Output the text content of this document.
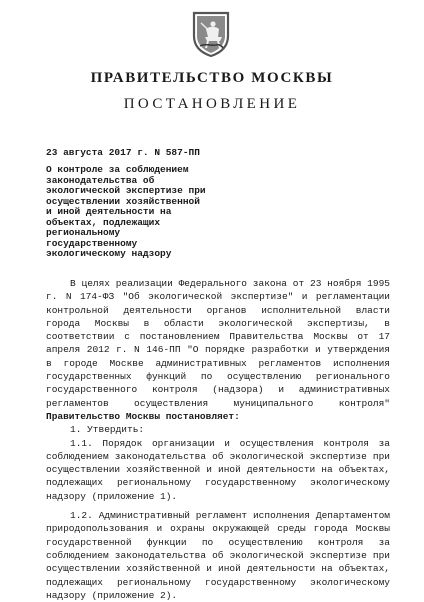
ПРАВИТЕЛЬСТВО МОСКВЫ
ПОСТАНОВЛЕНИЕ

23 августа 2017 г. N 587-ПП

О контроле за соблюдением законодательства об экологической экспертизе при осуществлении хозяйственной и иной деятельности на объектах, подлежащих региональному государственному экологическому надзору

В целях реализации Федерального закона от 23 ноября 1995 г. N 174-ФЗ "Об экологической экспертизе" и регламентации контрольной деятельности органов исполнительной власти города Москвы в области экологической экспертизы, в соответствии с постановлением Правительства Москвы от 17 апреля 2012 г. N 146-ПП "О порядке разработки и утверждения в городе Москве административных регламентов исполнения государственных функций по осуществлению регионального государственного контроля (надзора) и административных регламентов осуществления муниципального контроля" Правительство Москвы постановляет:

1. Утвердить:

1.1. Порядок организации и осуществления контроля за соблюдением законодательства об экологической экспертизе при осуществлении хозяйственной и иной деятельности на объектах, подлежащих региональному государственному экологическому надзору (приложение 1).

1.2. Административный регламент исполнения Департаментом природопользования и охраны окружающей среды города Москвы государственной функции по осуществлению контроля за соблюдением законодательства об экологической экспертизе при осуществлении хозяйственной и иной деятельности на объектах, подлежащих региональному государственному экологическому надзору (приложение 2).
